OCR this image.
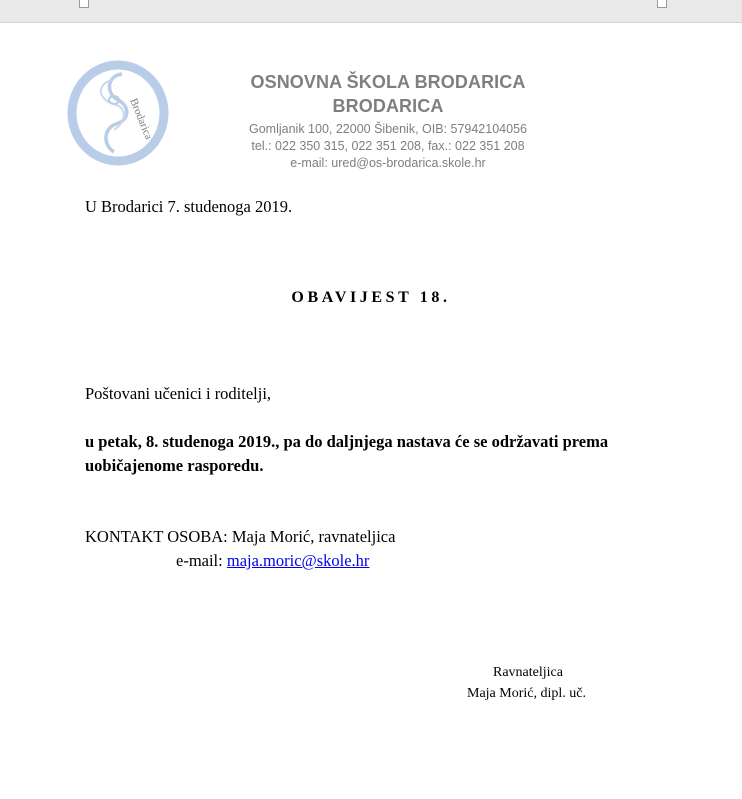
Brodarica
OSNOVNA ŠKOLA BRODARICA
BRODARICA
Gomljanik 100, 22000 Šibenik, OIB: 57942104056
tel.: 022 350 315, 022 351 208, fax.: 022 351 208
e-mail: ured@os-brodarica.skole.hr
U Brodarici 7. studenoga 2019.
OBAVIJEST 18.
Poštovani učenici i roditelji,
u petak, 8. studenoga 2019., pa do daljnjega nastava će se održavati prema
uobičajenome rasporedu.
KONTAKT OSOBA: Maja Morić, ravnateljica
e-mail: maja.moric@skole.hr
Ravnateljica
Maja Morić, dipl. uč.
